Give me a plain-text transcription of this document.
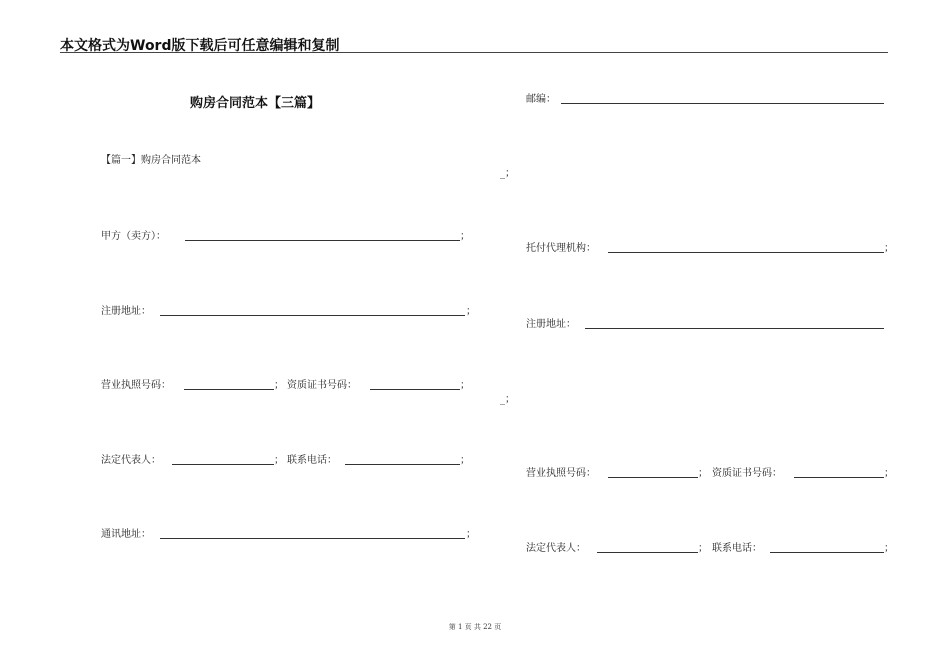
本文格式为Word版下载后可任意编辑和复制
购房合同范本【三篇】
【篇一】购房合同范本
甲方（卖方）：	；
注册地址：	；
营业执照号码：	； 资质证书号码：	；
法定代表人：	； 联系电话：	；
通讯地址：	；
_；
_；
邮编：
托付代理机构：	；
注册地址：
营业执照号码：	； 资质证书号码：	；
法定代表人：	； 联系电话：	；
第 1 页 共 22 页
